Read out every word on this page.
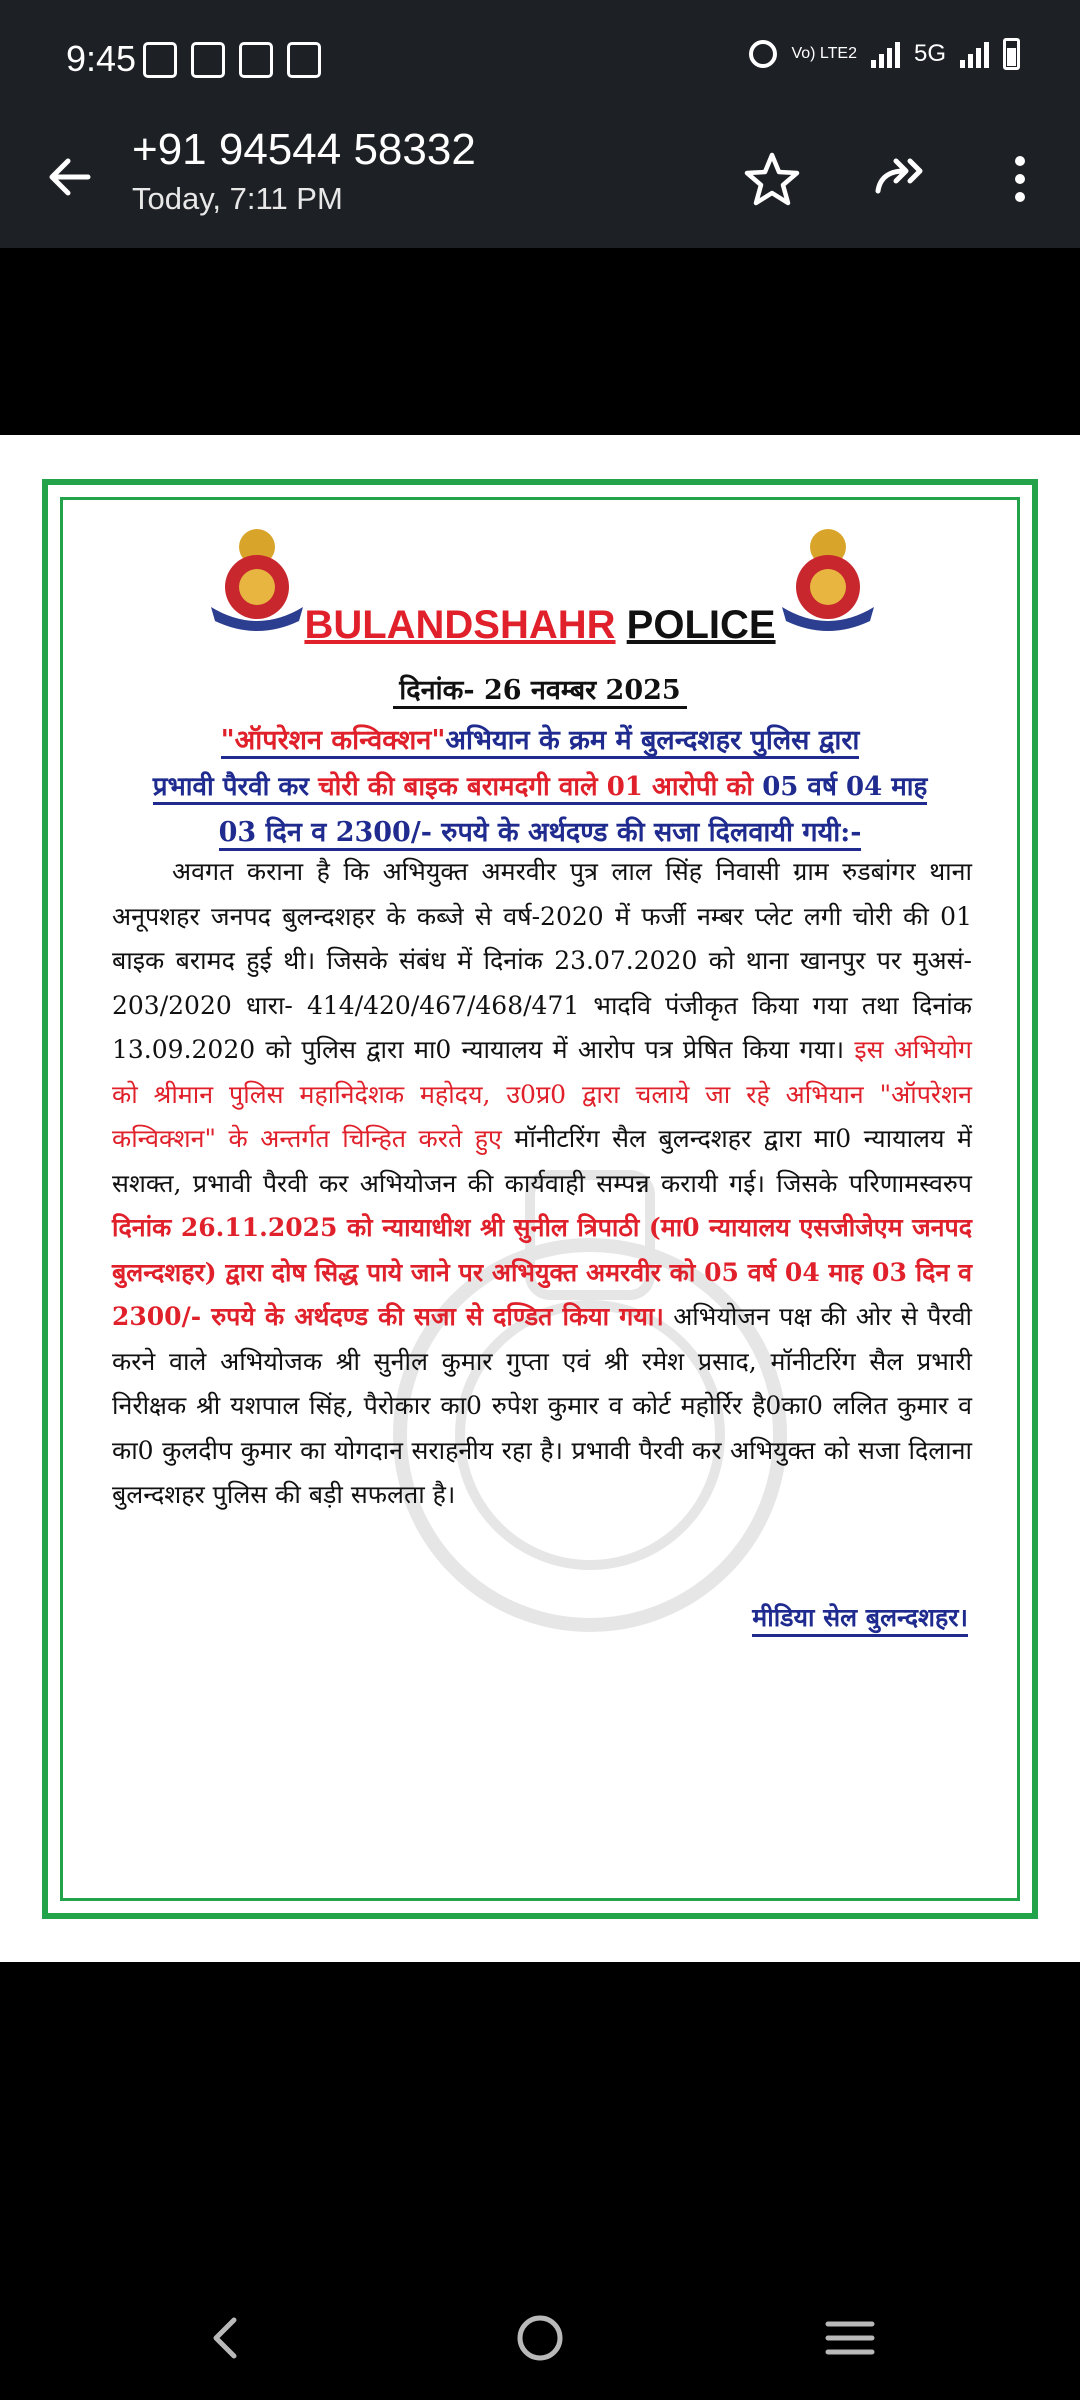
9:45	Vo) LTE2 5G
+91 94544 58332
Today, 7:11 PM
BULANDSHAHR POLICE
दिनांक- 26 नवम्बर 2025
"ऑपरेशन कन्विक्शन"अभियान के क्रम में बुलन्दशहर पुलिस द्वारा
प्रभावी पैरवी कर चोरी की बाइक बरामदगी वाले 01 आरोपी को 05 वर्ष 04 माह
03 दिन व 2300/- रुपये के अर्थदण्ड की सजा दिलवायी गयी:-
अवगत कराना है कि अभियुक्त अमरवीर पुत्र लाल सिंह निवासी ग्राम रुडबांगर थाना अनूपशहर जनपद बुलन्दशहर के कब्जे से वर्ष-2020 में फर्जी नम्बर प्लेट लगी चोरी की 01 बाइक बरामद हुई थी। जिसके संबंध में दिनांक 23.07.2020 को थाना खानपुर पर मुअसं- 203/2020 धारा- 414/420/467/468/471 भादवि पंजीकृत किया गया तथा दिनांक 13.09.2020 को पुलिस द्वारा मा0 न्यायालय में आरोप पत्र प्रेषित किया गया। इस अभियोग को श्रीमान पुलिस महानिदेशक महोदय, उ0प्र0 द्वारा चलाये जा रहे अभियान "ऑपरेशन कन्विक्शन" के अन्तर्गत चिन्हित करते हुए मॉनीटरिंग सैल बुलन्दशहर द्वारा मा0 न्यायालय में सशक्त, प्रभावी पैरवी कर अभियोजन की कार्यवाही सम्पन्न करायी गई। जिसके परिणामस्वरुप दिनांक 26.11.2025 को न्यायाधीश श्री सुनील त्रिपाठी (मा0 न्यायालय एसजीजेएम जनपद बुलन्दशहर) द्वारा दोष सिद्ध पाये जाने पर अभियुक्त अमरवीर को 05 वर्ष 04 माह 03 दिन व 2300/- रुपये के अर्थदण्ड की सजा से दण्डित किया गया। अभियोजन पक्ष की ओर से पैरवी करने वाले अभियोजक श्री सुनील कुमार गुप्ता एवं श्री रमेश प्रसाद, मॉनीटरिंग सैल प्रभारी निरीक्षक श्री यशपाल सिंह, पैरोकार का0 रुपेश कुमार व कोर्ट महोर्रिर है0का0 ललित कुमार व का0 कुलदीप कुमार का योगदान सराहनीय रहा है। प्रभावी पैरवी कर अभियुक्त को सजा दिलाना बुलन्दशहर पुलिस की बड़ी सफलता है।
मीडिया सेल बुलन्दशहर।
